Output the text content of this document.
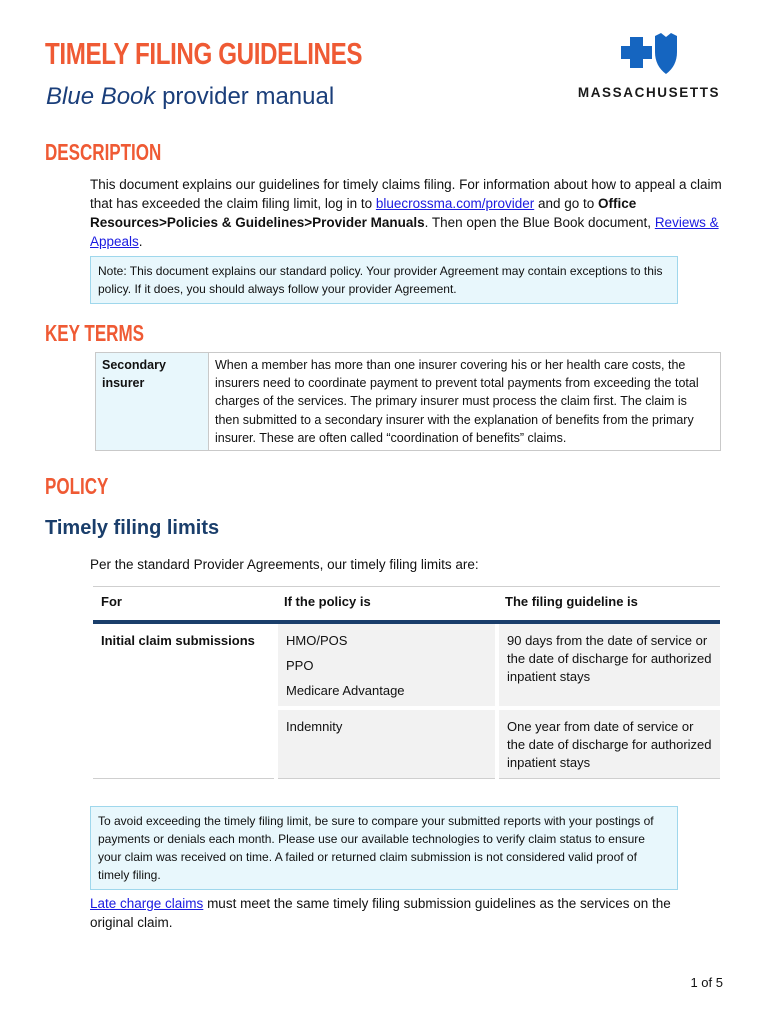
TIMELY FILING GUIDELINES
Blue Book provider manual	MASSACHUSETTS
DESCRIPTION
This document explains our guidelines for timely claims filing. For information about how to appeal a claim that has exceeded the claim filing limit, log in to bluecrossma.com/provider and go to Office Resources>Policies & Guidelines>Provider Manuals. Then open the Blue Book document, Reviews & Appeals.
Note: This document explains our standard policy. Your provider Agreement may contain exceptions to this policy. If it does, you should always follow your provider Agreement.
KEY TERMS
Secondary insurer	When a member has more than one insurer covering his or her health care costs, the insurers need to coordinate payment to prevent total payments from exceeding the total charges of the services. The primary insurer must process the claim first. The claim is then submitted to a secondary insurer with the explanation of benefits from the primary insurer. These are often called “coordination of benefits” claims.
POLICY
Timely filing limits
Per the standard Provider Agreements, our timely filing limits are:
For	If the policy is	The filing guideline is
Initial claim submissions	HMO/POS
PPO
Medicare Advantage	90 days from the date of service or the date of discharge for authorized inpatient stays

	Indemnity	One year from date of service or the date of discharge for authorized inpatient stays
To avoid exceeding the timely filing limit, be sure to compare your submitted reports with your postings of payments or denials each month. Please use our available technologies to verify claim status to ensure your claim was received on time. A failed or returned claim submission is not considered valid proof of timely filing.
Late charge claims must meet the same timely filing submission guidelines as the services on the original claim.
1 of 5
